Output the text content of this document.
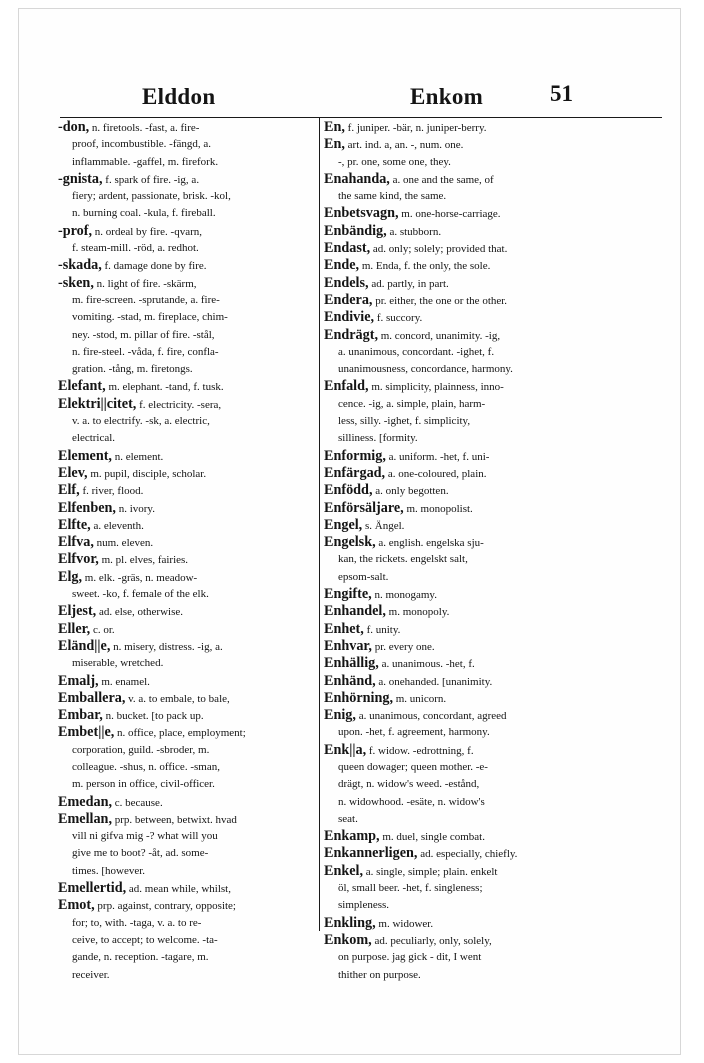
Elddon	Enkom	51
-don, n. firetools. -fast, a. fire-
proof, incombustible. -fängd, a.
inflammable. -gaffel, m. firefork.
-gnista, f. spark of fire. -ig, a.
fiery; ardent, passionate, brisk. -kol,
n. burning coal. -kula, f. fireball.
-prof, n. ordeal by fire. -qvarn,
f. steam-mill. -röd, a. redhot.
-skada, f. damage done by fire.
-sken, n. light of fire. -skärm,
m. fire-screen. -sprutande, a. fire-
vomiting. -stad, m. fireplace, chim-
ney. -stod, m. pillar of fire. -stål,
n. fire-steel. -våda, f. fire, confla-
gration. -tång, m. firetongs.
Elefant, m. elephant. -tand, f. tusk.
Elektri||citet, f. electricity. -sera,
v. a. to electrify. -sk, a. electric,
electrical.
Element, n. element.
Elev, m. pupil, disciple, scholar.
Elf, f. river, flood.
Elfenben, n. ivory.
Elfte, a. eleventh.
Elfva, num. eleven.
Elfvor, m. pl. elves, fairies.
Elg, m. elk. -gräs, n. meadow-
sweet. -ko, f. female of the elk.
Eljest, ad. else, otherwise.
Eller, c. or.
Eländ||e, n. misery, distress. -ig, a.
miserable, wretched.
Emalj, m. enamel.
Emballera, v. a. to embale, to bale,
Embar, n. bucket. [to pack up.
Embet||e, n. office, place, employment;
corporation, guild. -sbroder, m.
colleague. -shus, n. office. -sman,
m. person in office, civil-officer.
Emedan, c. because.
Emellan, prp. between, betwixt. hvad
vill ni gifva mig -? what will you
give me to boot? -åt, ad. some-
times. [however.
Emellertid, ad. mean while, whilst,
Emot, prp. against, contrary, opposite;
for; to, with. -taga, v. a. to re-
ceive, to accept; to welcome. -ta-
gande, n. reception. -tagare, m.
receiver.
En, f. juniper. -bär, n. juniper-berry.
En, art. ind. a, an. -, num. one.
-, pr. one, some one, they.
Enahanda, a. one and the same, of
the same kind, the same.
Enbetsvagn, m. one-horse-carriage.
Enbändig, a. stubborn.
Endast, ad. only; solely; provided that.
Ende, m. Enda, f. the only, the sole.
Endels, ad. partly, in part.
Endera, pr. either, the one or the other.
Endivie, f. succory.
Endrägt, m. concord, unanimity. -ig,
a. unanimous, concordant. -ighet, f.
unanimousness, concordance, harmony.
Enfald, m. simplicity, plainness, inno-
cence. -ig, a. simple, plain, harm-
less, silly. -ighet, f. simplicity,
silliness. [formity.
Enformig, a. uniform. -het, f. uni-
Enfärgad, a. one-coloured, plain.
Enfödd, a. only begotten.
Enförsäljare, m. monopolist.
Engel, s. Ängel.
Engelsk, a. english. engelska sju-
kan, the rickets. engelskt salt,
epsom-salt.
Engifte, n. monogamy.
Enhandel, m. monopoly.
Enhet, f. unity.
Enhvar, pr. every one.
Enhällig, a. unanimous. -het, f.
Enhänd, a. onehanded. [unanimity.
Enhörning, m. unicorn.
Enig, a. unanimous, concordant, agreed
upon. -het, f. agreement, harmony.
Enk||a, f. widow. -edrottning, f.
queen dowager; queen mother. -e-
drägt, n. widow's weed. -estånd,
n. widowhood. -esäte, n. widow's
seat.
Enkamp, m. duel, single combat.
Enkannerligen, ad. especially, chiefly.
Enkel, a. single, simple; plain. enkelt
öl, small beer. -het, f. singleness;
simpleness.
Enkling, m. widower.
Enkom, ad. peculiarly, only, solely,
on purpose. jag gick - dit, I went
thither on purpose.
